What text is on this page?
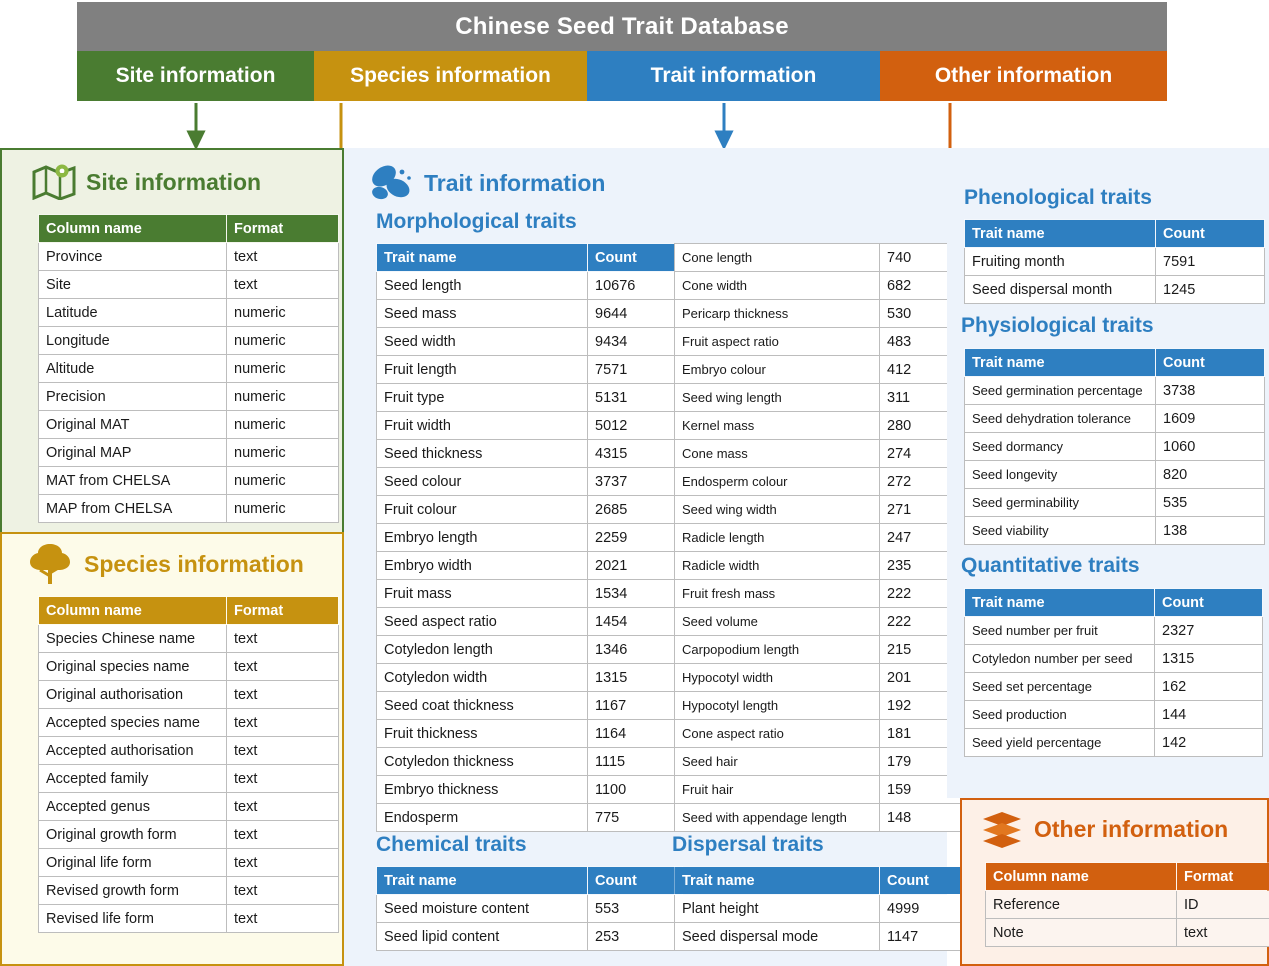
Chinese Seed Trait Database
Site information	Species information	Trait information	Other information
Site information
Column name	Format
Province	text
Site	text
Latitude	numeric
Longitude	numeric
Altitude	numeric
Precision	numeric
Original MAT	numeric
Original MAP	numeric
MAT from CHELSA	numeric
MAP from CHELSA	numeric
Species information
Column name	Format
Species Chinese name	text
Original species name	text
Original authorisation	text
Accepted species name	text
Accepted authorisation	text
Accepted family	text
Accepted genus	text
Original growth form	text
Original life form	text
Revised growth form	text
Revised life form	text
Trait information
Morphological traits
Trait name	Count
Seed length	10676
Seed mass	9644
Seed width	9434
Fruit length	7571
Fruit type	5131
Fruit width	5012
Seed thickness	4315
Seed colour	3737
Fruit colour	2685
Embryo length	2259
Embryo width	2021
Fruit mass	1534
Seed aspect ratio	1454
Cotyledon length	1346
Cotyledon width	1315
Seed coat thickness	1167
Fruit thickness	1164
Cotyledon thickness	1115
Embryo thickness	1100
Endosperm	775
Cone length	740
Cone width	682
Pericarp thickness	530
Fruit aspect ratio	483
Embryo colour	412
Seed wing length	311
Kernel mass	280
Cone mass	274
Endosperm colour	272
Seed wing width	271
Radicle length	247
Radicle width	235
Fruit fresh mass	222
Seed volume	222
Carpopodium length	215
Hypocotyl width	201
Hypocotyl length	192
Cone aspect ratio	181
Seed hair	179
Fruit hair	159
Seed with appendage length	148
Chemical traits
Trait name	Count
Seed moisture content	553
Seed lipid content	253
Dispersal traits
Trait name	Count
Plant height	4999
Seed dispersal mode	1147
Phenological traits
Trait name	Count
Fruiting month	7591
Seed dispersal month	1245
Physiological traits
Trait name	Count
Seed germination percentage	3738
Seed dehydration tolerance	1609
Seed dormancy	1060
Seed longevity	820
Seed germinability	535
Seed viability	138
Quantitative traits
Trait name	Count
Seed number per fruit	2327
Cotyledon number per seed	1315
Seed set percentage	162
Seed production	144
Seed yield percentage	142
Other information
Column name	Format
Reference	ID
Note	text
